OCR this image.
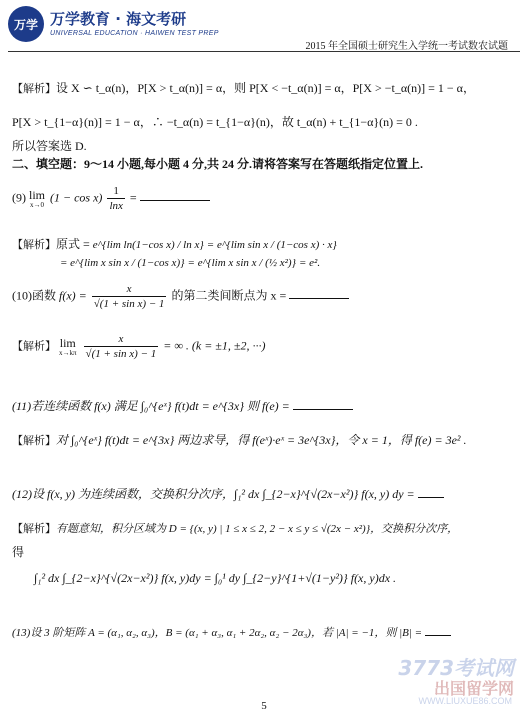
万学 万学教育 · 海文考研
UNIVERSAL EDUCATION · HAIWEN TEST PREP
2015 年全国硕士研究生入学统一考试数农试题
【解析】设 X ∽ t_α(n)，P[X > t_α(n)] = α，则 P[X < −t_α(n)] = α，P[X > −t_α(n)] = 1 − α，
P[X > t_{1−α}(n)] = 1 − α，∴ −t_α(n) = t_{1−α}(n)，故 t_α(n) + t_{1−α}(n) = 0 .
所以答案选 D.
二、填空题：9～14 小题,每小题 4 分,共 24 分.请将答案写在答题纸指定位置上.
(9) lim
x→0
$(1 - \cos x) \frac{1}{\ln x}$ =
【解析】原式 = e^{lim ln(1−cos x) / ln x} = e^{lim sin x / (1−cos x) · x}
= e^{lim x sin x / (1−cos x)} = e^{lim x sin x / (½ x²)} = e².
(10)函数 $f(x) = \frac{x}{\text{√(1 + sin x) − 1}}$ 的第二类间断点为 x =
【解析】 lim
x→kπ
$\frac{x}{\text{√(1 + sin x) − 1}}$ = ∞ . (k = ±1, ±2, ···)
(11)若连续函数 f(x) 满足 ∫₀^{eˣ} f(t)dt = e^{3x} 则 f(e) =
【解析】对 ∫₀^{eˣ} f(t)dt = e^{3x} 两边求导，得 f(eˣ)·eˣ = 3e^{3x}，令 x = 1，得 f(e) = 3e² .
(12)设 f(x, y) 为连续函数，交换积分次序，∫₁² dx ∫_{2−x}^{√(2x−x²)} f(x, y) dy =
【解析】有题意知，积分区域为 D = {(x, y) | 1 ≤ x ≤ 2, 2 − x ≤ y ≤ √(2x − x²)}，交换积分次序，
得
∫₁² dx ∫_{2−x}^{√(2x−x²)} f(x, y)dy = ∫₀¹ dy ∫_{2−y}^{1+√(1−y²)} f(x, y)dx .
(13)设 3 阶矩阵 A = (α₁, α₂, α₃)，B = (α₁ + α₃, α₁ + 2α₂, α₂ − 2α₃)，若 |A| = −1，则 |B| =
3773考试网
出国留学网
WWW.LIUXUE86.COM
5
